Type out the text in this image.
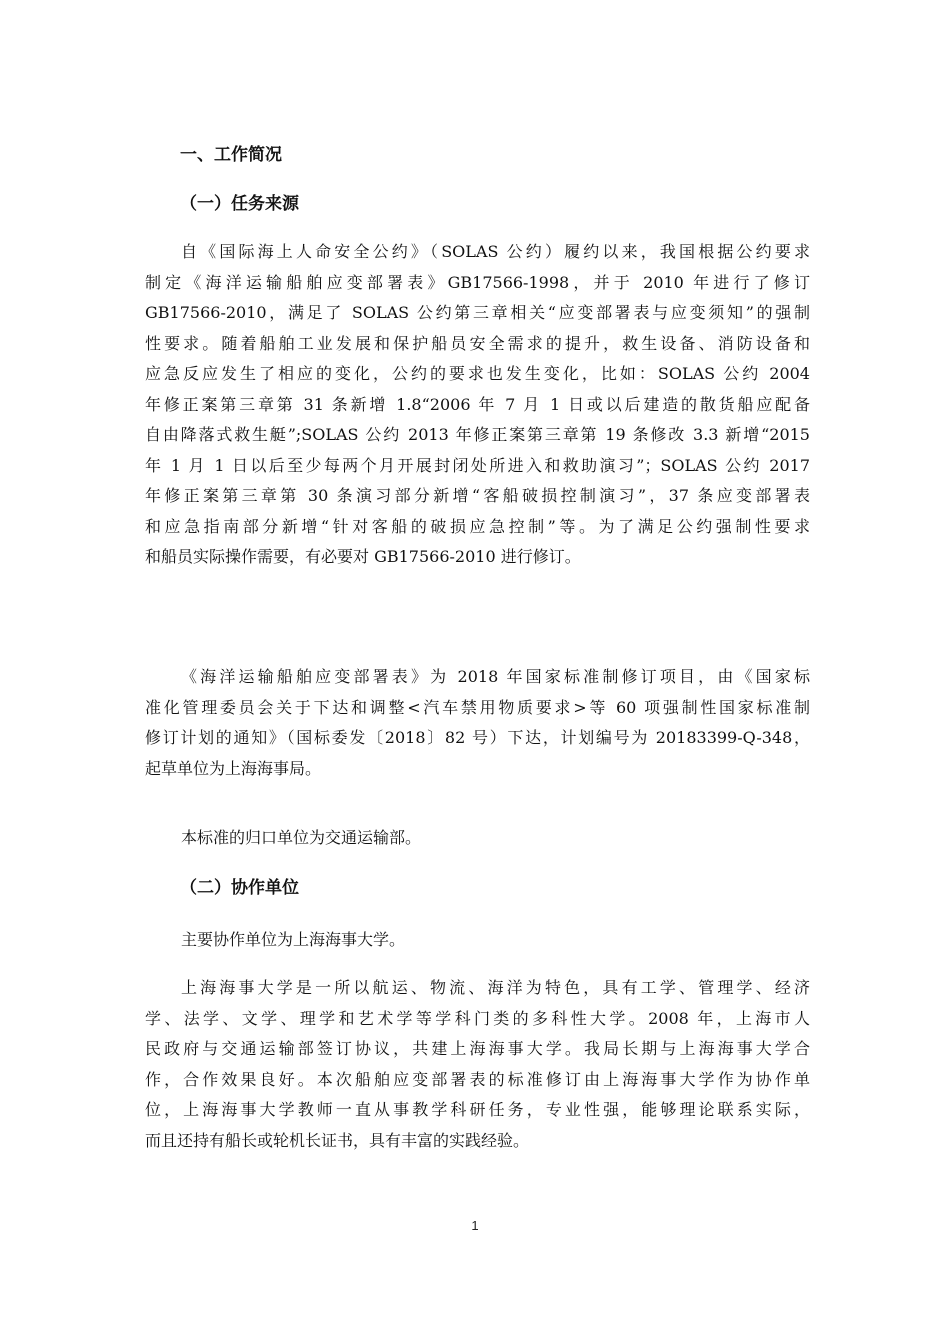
一、工作简况
（一）任务来源
自《国际海上人命安全公约》（SOLAS 公约）履约以来，我国根据公约要求
制定《海洋运输船舶应变部署表》GB17566-1998，并于 2010 年进行了修订
GB17566-2010，满足了 SOLAS 公约第三章相关“应变部署表与应变须知”的强制
性要求。随着船舶工业发展和保护船员安全需求的提升，救生设备、消防设备和
应急反应发生了相应的变化，公约的要求也发生变化，比如：SOLAS 公约 2004
年修正案第三章第 31 条新增 1.8“2006 年 7 月 1 日或以后建造的散货船应配备
自由降落式救生艇”;SOLAS 公约 2013 年修正案第三章第 19 条修改 3.3 新增“2015
年 1 月 1 日以后至少每两个月开展封闭处所进入和救助演习”；SOLAS 公约 2017
年修正案第三章第 30 条演习部分新增“客船破损控制演习”，37 条应变部署表
和应急指南部分新增“针对客船的破损应急控制”等。为了满足公约强制性要求
和船员实际操作需要，有必要对 GB17566-2010 进行修订。
《海洋运输船舶应变部署表》为 2018 年国家标准制修订项目，由《国家标
准化管理委员会关于下达和调整<汽车禁用物质要求>等 60 项强制性国家标准制
修订计划的通知》（国标委发〔2018〕82 号）下达，计划编号为 20183399-Q-348，
起草单位为上海海事局。
本标准的归口单位为交通运输部。
（二）协作单位
主要协作单位为上海海事大学。
上海海事大学是一所以航运、物流、海洋为特色，具有工学、管理学、经济
学、法学、文学、理学和艺术学等学科门类的多科性大学。2008 年，上海市人
民政府与交通运输部签订协议，共建上海海事大学。我局长期与上海海事大学合
作，合作效果良好。本次船舶应变部署表的标准修订由上海海事大学作为协作单
位，上海海事大学教师一直从事教学科研任务，专业性强，能够理论联系实际，
而且还持有船长或轮机长证书，具有丰富的实践经验。
1
